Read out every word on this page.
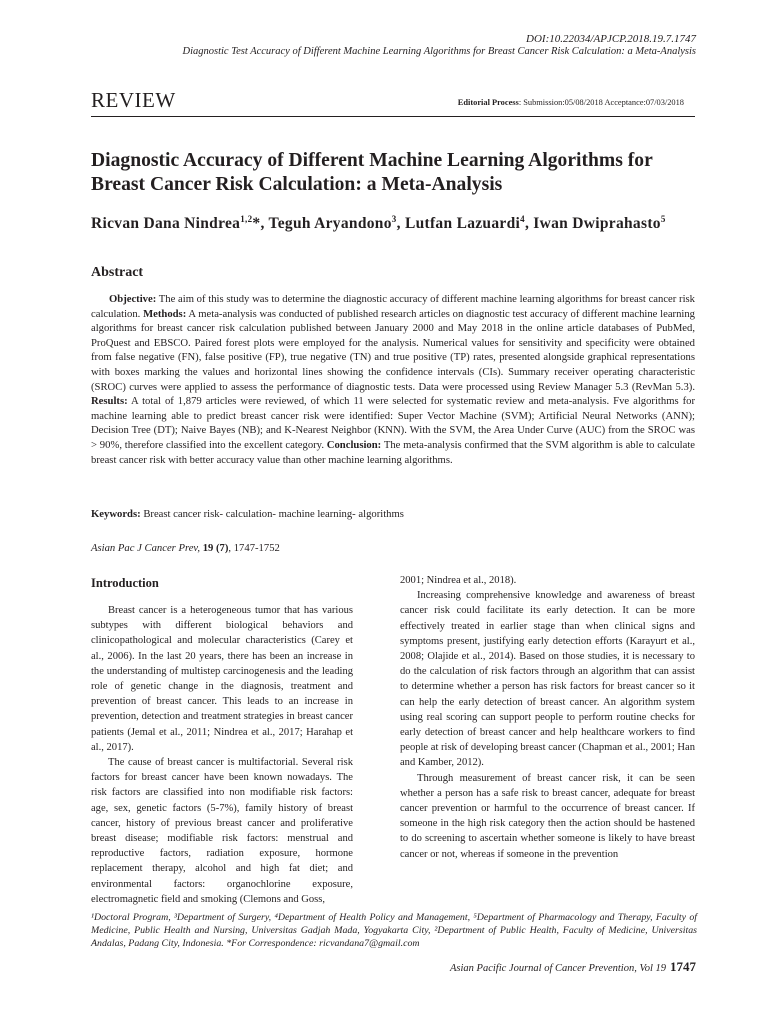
DOI:10.22034/APJCP.2018.19.7.1747
Diagnostic Test Accuracy of Different Machine Learning Algorithms for Breast Cancer Risk Calculation: a Meta-Analysis
REVIEW	Editorial Process: Submission:05/08/2018 Acceptance:07/03/2018
Diagnostic Accuracy of Different Machine Learning Algorithms for Breast Cancer Risk Calculation: a Meta-Analysis
Ricvan Dana Nindrea$^{1,2}$*, Teguh Aryandono$^3$, Lutfan Lazuardi$^4$, Iwan Dwiprahasto$^5$
Abstract
Objective: The aim of this study was to determine the diagnostic accuracy of different machine learning algorithms for breast cancer risk calculation. Methods: A meta-analysis was conducted of published research articles on diagnostic test accuracy of different machine learning algorithms for breast cancer risk calculation published between January 2000 and May 2018 in the online article databases of PubMed, ProQuest and EBSCO. Paired forest plots were employed for the analysis. Numerical values for sensitivity and specificity were obtained from false negative (FN), false positive (FP), true negative (TN) and true positive (TP) rates, presented alongside graphical representations with boxes marking the values and horizontal lines showing the confidence intervals (CIs). Summary receiver operating characteristic (SROC) curves were applied to assess the performance of diagnostic tests. Data were processed using Review Manager 5.3 (RevMan 5.3). Results: A total of 1,879 articles were reviewed, of which 11 were selected for systematic review and meta-analysis. Fve algorithms for machine learning able to predict breast cancer risk were identified: Super Vector Machine (SVM); Artificial Neural Networks (ANN); Decision Tree (DT); Naive Bayes (NB); and K-Nearest Neighbor (KNN). With the SVM, the Area Under Curve (AUC) from the SROC was > 90%, therefore classified into the excellent category. Conclusion: The meta-analysis confirmed that the SVM algorithm is able to calculate breast cancer risk with better accuracy value than other machine learning algorithms.
Keywords: Breast cancer risk- calculation- machine learning- algorithms
Asian Pac J Cancer Prev, 19 (7), 1747-1752
Introduction

Breast cancer is a heterogeneous tumor that has various subtypes with different biological behaviors and clinicopathological and molecular characteristics (Carey et al., 2006). In the last 20 years, there has been an increase in the understanding of multistep carcinogenesis and the leading role of genetic change in the diagnosis, treatment and prevention of breast cancer. This leads to an increase in prevention, detection and treatment strategies in breast cancer patients (Jemal et al., 2011; Nindrea et al., 2017; Harahap et al., 2017).

The cause of breast cancer is multifactorial. Several risk factors for breast cancer have been known nowadays. The risk factors are classified into non modifiable risk factors: age, sex, genetic factors (5-7%), family history of breast cancer, history of previous breast cancer and proliferative breast disease; modifiable risk factors: menstrual and reproductive factors, radiation exposure, hormone replacement therapy, alcohol and high fat diet; and environmental factors: organochlorine exposure, electromagnetic field and smoking (Clemons and Goss,

2001; Nindrea et al., 2018).

Increasing comprehensive knowledge and awareness of breast cancer risk could facilitate its early detection. It can be more effectively treated in earlier stage than when clinical signs and symptoms present, justifying early detection efforts (Karayurt et al., 2008; Olajide et al., 2014). Based on those studies, it is necessary to do the calculation of risk factors through an algorithm that can assist to determine whether a person has risk factors for breast cancer so it can help the early detection of breast cancer. An algorithm system using real scoring can support people to perform routine checks for early detection of breast cancer and help healthcare workers to find people at risk of developing breast cancer (Chapman et al., 2001; Han and Kamber, 2012).

Through measurement of breast cancer risk, it can be seen whether a person has a safe risk to breast cancer, adequate for breast cancer prevention or harmful to the occurrence of breast cancer. If someone in the high risk category then the action should be hastened to do screening to ascertain whether someone is likely to have breast cancer or not, whereas if someone in the prevention

¹Doctoral Program, ³Department of Surgery, ⁴Department of Health Policy and Management, ⁵Department of Pharmacology and Therapy, Faculty of Medicine, Public Health and Nursing, Universitas Gadjah Mada, Yogyakarta City, ²Department of Public Health, Faculty of Medicine, Universitas Andalas, Padang City, Indonesia. *For Correspondence: ricvandana7@gmail.com
Asian Pacific Journal of Cancer Prevention, Vol 19 1747
